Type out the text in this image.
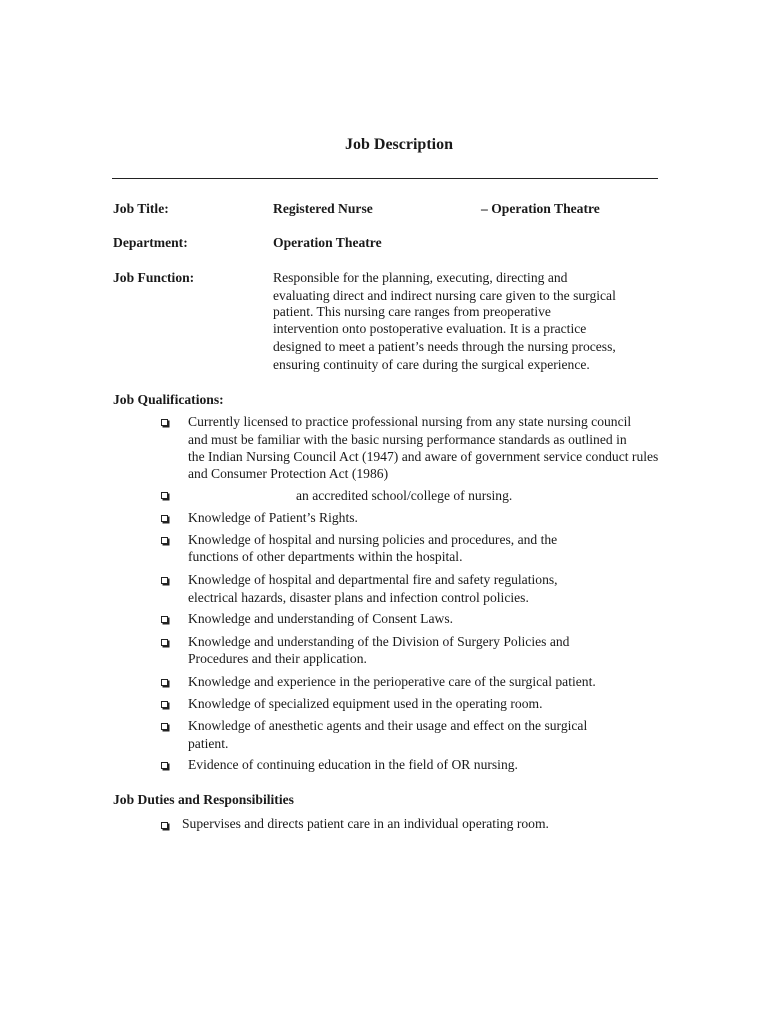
Job Description
Job Title:	Registered Nurse	– Operation Theatre
Department:	Operation Theatre
Job Function:	Responsible for the planning, executing, directing and
evaluating direct and indirect nursing care given to the surgical
patient. This nursing care ranges from preoperative
intervention onto postoperative evaluation. It is a practice
designed to meet a patient’s needs through the nursing process,
ensuring continuity of care during the surgical experience.
Job Qualifications:
Currently licensed to practice professional nursing from any state nursing council
and must be familiar with the basic nursing performance standards as outlined in
the Indian Nursing Council Act (1947) and aware of government service conduct rules
and Consumer Protection Act (1986)
an accredited school/college of nursing.
Knowledge of Patient’s Rights.
Knowledge of hospital and nursing policies and procedures, and the
functions of other departments within the hospital.
Knowledge of hospital and departmental fire and safety regulations,
electrical hazards, disaster plans and infection control policies.
Knowledge and understanding of Consent Laws.
Knowledge and understanding of the Division of Surgery Policies and
Procedures and their application.
Knowledge and experience in the perioperative care of the surgical patient.
Knowledge of specialized equipment used in the operating room.
Knowledge of anesthetic agents and their usage and effect on the surgical
patient.
Evidence of continuing education in the field of OR nursing.
Job Duties and Responsibilities
Supervises and directs patient care in an individual operating room.
